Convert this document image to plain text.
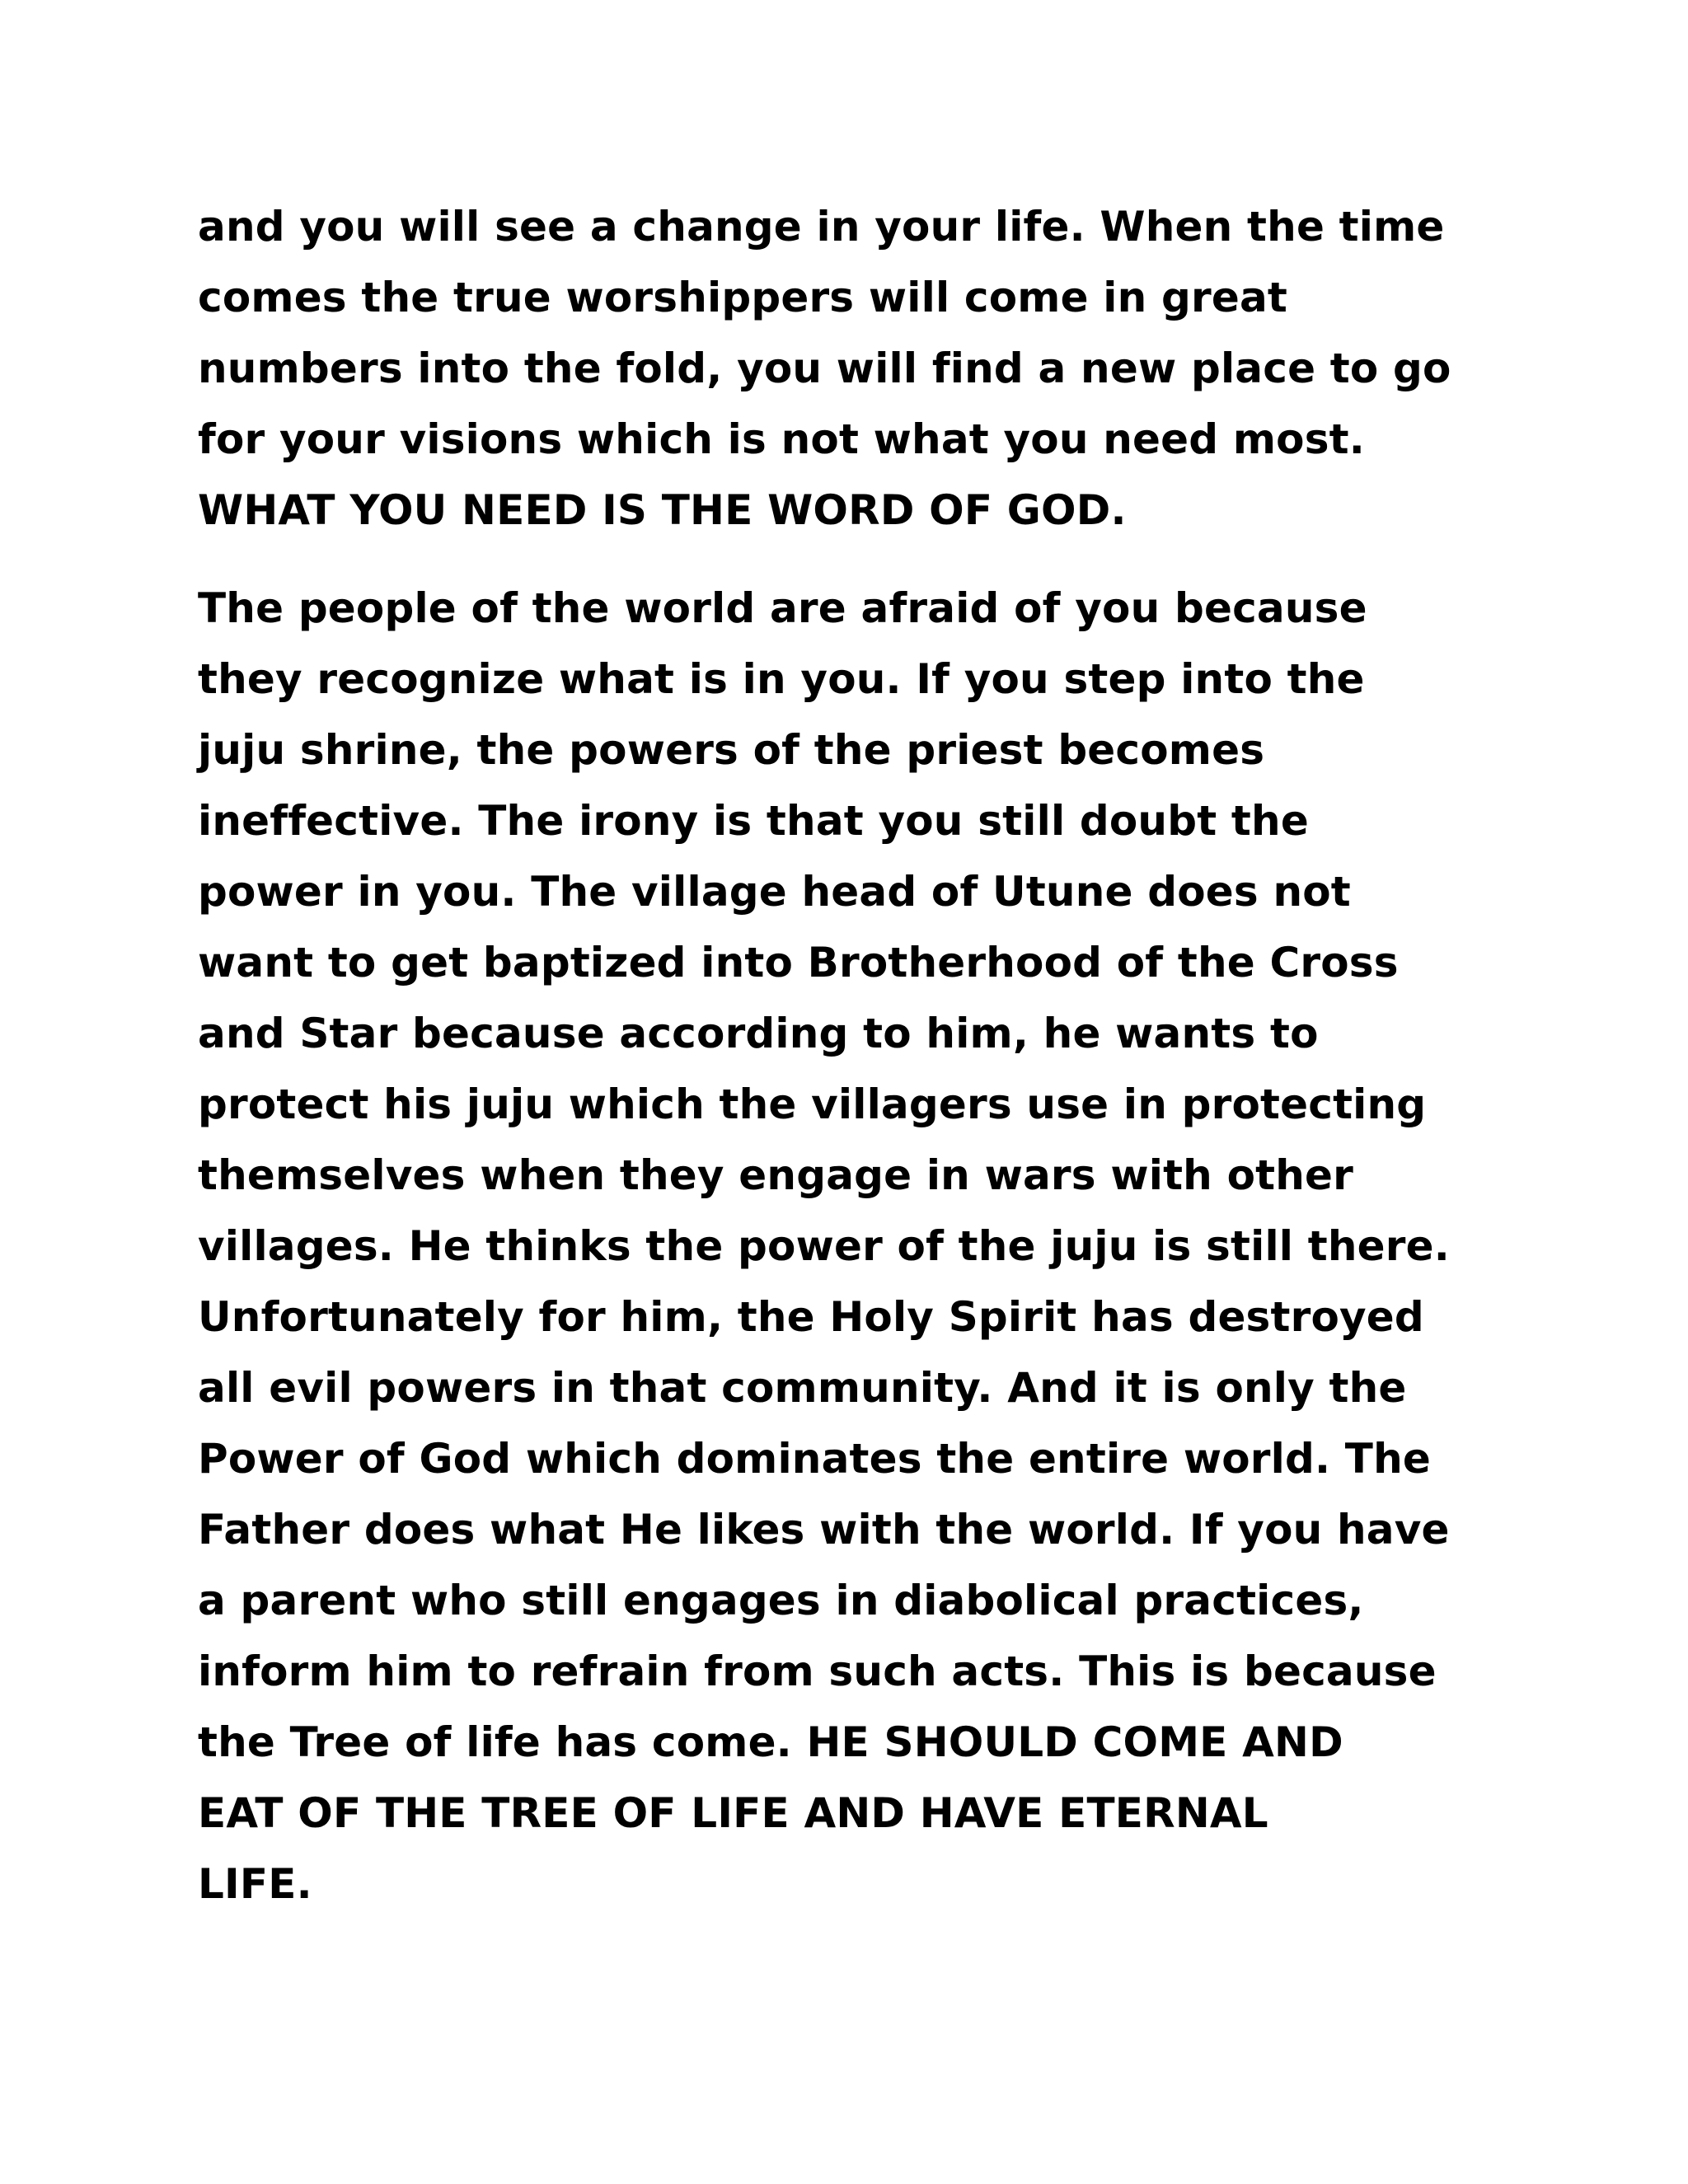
and you will see a change in your life. When the time
comes the true worshippers will come in great
numbers into the fold, you will find a new place to go
for your visions which is not what you need most.
WHAT YOU NEED IS THE WORD OF GOD.
The people of the world are afraid of you because
they recognize what is in you. If you step into the
juju shrine, the powers of the priest becomes
ineffective. The irony is that you still doubt the
power in you. The village head of Utune does not
want to get baptized into Brotherhood of the Cross
and Star because according to him, he wants to
protect his juju which the villagers use in protecting
themselves when they engage in wars with other
villages. He thinks the power of the juju is still there.
Unfortunately for him, the Holy Spirit has destroyed
all evil powers in that community. And it is only the
Power of God which dominates the entire world. The
Father does what He likes with the world. If you have
a parent who still engages in diabolical practices,
inform him to refrain from such acts. This is because
the Tree of life has come. HE SHOULD COME AND
EAT OF THE TREE OF LIFE AND HAVE ETERNAL
LIFE.
